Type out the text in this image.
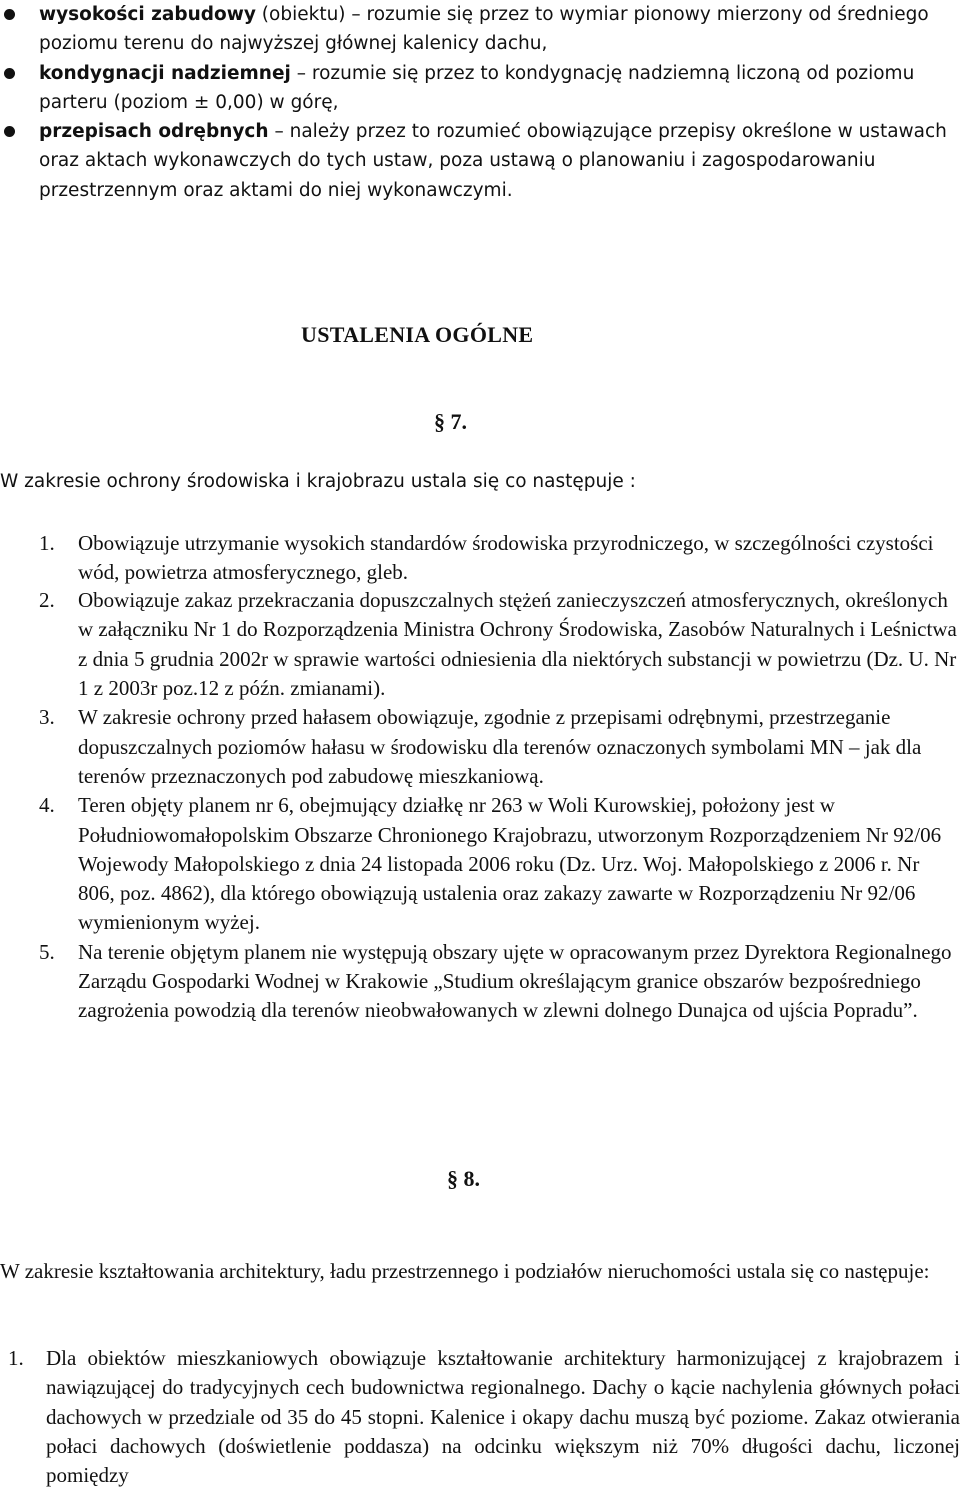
wysokości zabudowy (obiektu) – rozumie się przez to wymiar pionowy mierzony od średniego poziomu terenu do najwyższej głównej kalenicy dachu,
kondygnacji nadziemnej – rozumie się przez to kondygnację nadziemną liczoną od poziomu parteru (poziom ± 0,00) w górę,
przepisach odrębnych – należy przez to rozumieć obowiązujące przepisy określone w ustawach oraz aktach wykonawczych do tych ustaw, poza ustawą o planowaniu i zagospodarowaniu przestrzennym oraz aktami do niej wykonawczymi.
USTALENIA OGÓLNE
§ 7.

W zakresie ochrony środowiska i krajobrazu ustala się co następuje :

1. Obowiązuje utrzymanie wysokich standardów środowiska przyrodniczego, w szczególności czystości wód, powietrza atmosferycznego, gleb.
2. Obowiązuje zakaz przekraczania dopuszczalnych stężeń zanieczyszczeń atmosferycznych, określonych w załączniku Nr 1 do Rozporządzenia Ministra Ochrony Środowiska, Zasobów Naturalnych i Leśnictwa z dnia 5 grudnia 2002r w sprawie wartości odniesienia dla niektórych substancji w powietrzu (Dz. U. Nr 1 z 2003r poz.12 z późn. zmianami).
3. W zakresie ochrony przed hałasem obowiązuje, zgodnie z przepisami odrębnymi, przestrzeganie dopuszczalnych poziomów hałasu w środowisku dla terenów oznaczonych symbolami MN – jak dla terenów przeznaczonych pod zabudowę mieszkaniową.
4. Teren objęty planem nr 6, obejmujący działkę nr 263 w Woli Kurowskiej, położony jest w Południowomałopolskim Obszarze Chronionego Krajobrazu, utworzonym Rozporządzeniem Nr 92/06 Wojewody Małopolskiego z dnia 24 listopada 2006 roku (Dz. Urz. Woj. Małopolskiego z 2006 r. Nr 806, poz. 4862), dla którego obowiązują ustalenia oraz zakazy zawarte w Rozporządzeniu Nr 92/06 wymienionym wyżej.
5. Na terenie objętym planem nie występują obszary ujęte w opracowanym przez Dyrektora Regionalnego Zarządu Gospodarki Wodnej w Krakowie „Studium określającym granice obszarów bezpośredniego zagrożenia powodzią dla terenów nieobwałowanych w zlewni dolnego Dunajca od ujścia Popradu”.
§ 8.

W zakresie kształtowania architektury, ładu przestrzennego i podziałów nieruchomości ustala się co następuje:

1. Dla obiektów mieszkaniowych obowiązuje kształtowanie architektury harmonizującej z krajobrazem i nawiązującej do tradycyjnych cech budownictwa regionalnego. Dachy o kącie nachylenia głównych połaci dachowych w przedziale od 35 do 45 stopni. Kalenice i okapy dachu muszą być poziome. Zakaz otwierania połaci dachowych (doświetlenie poddasza) na odcinku większym niż 70% długości dachu, liczonej pomiędzy
